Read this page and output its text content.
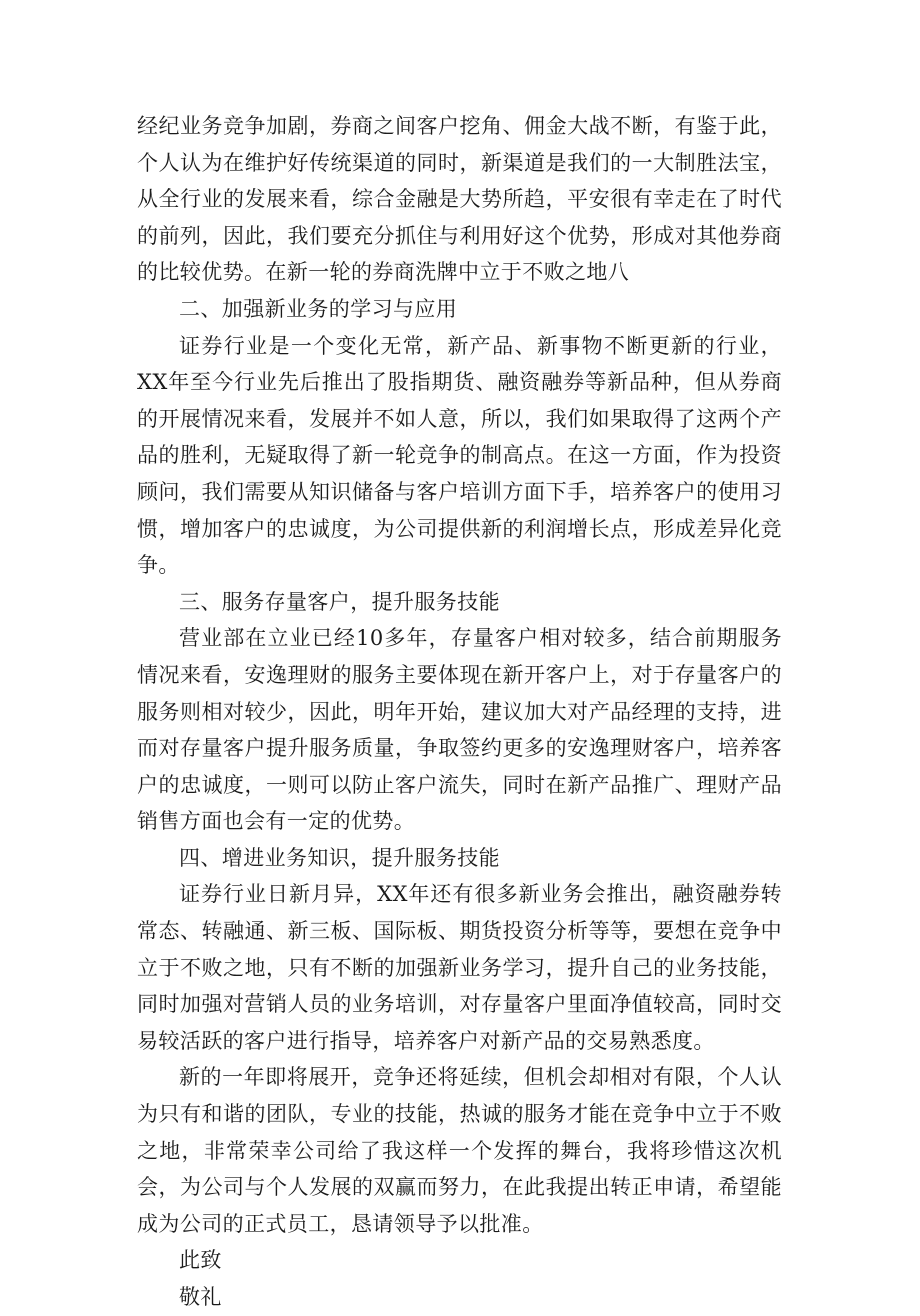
经纪业务竞争加剧，券商之间客户挖角、佣金大战不断，有鉴于此，个人认为在维护好传统渠道的同时，新渠道是我们的一大制胜法宝，从全行业的发展来看，综合金融是大势所趋，平安很有幸走在了时代的前列，因此，我们要充分抓住与利用好这个优势，形成对其他券商的比较优势。在新一轮的券商洗牌中立于不败之地八

二、加强新业务的学习与应用

证券行业是一个变化无常，新产品、新事物不断更新的行业，XX年至今行业先后推出了股指期货、融资融券等新品种，但从券商的开展情况来看，发展并不如人意，所以，我们如果取得了这两个产品的胜利，无疑取得了新一轮竞争的制高点。在这一方面，作为投资顾问，我们需要从知识储备与客户培训方面下手，培养客户的使用习惯，增加客户的忠诚度，为公司提供新的利润增长点，形成差异化竞争。

三、服务存量客户，提升服务技能

营业部在立业已经10多年，存量客户相对较多，结合前期服务情况来看，安逸理财的服务主要体现在新开客户上，对于存量客户的服务则相对较少，因此，明年开始，建议加大对产品经理的支持，进而对存量客户提升服务质量，争取签约更多的安逸理财客户，培养客户的忠诚度，一则可以防止客户流失，同时在新产品推广、理财产品销售方面也会有一定的优势。

四、增进业务知识，提升服务技能

证券行业日新月异，XX年还有很多新业务会推出，融资融券转常态、转融通、新三板、国际板、期货投资分析等等，要想在竞争中立于不败之地，只有不断的加强新业务学习，提升自己的业务技能，同时加强对营销人员的业务培训，对存量客户里面净值较高，同时交易较活跃的客户进行指导，培养客户对新产品的交易熟悉度。

新的一年即将展开，竞争还将延续，但机会却相对有限，个人认为只有和谐的团队，专业的技能，热诚的服务才能在竞争中立于不败之地，非常荣幸公司给了我这样一个发挥的舞台，我将珍惜这次机会，为公司与个人发展的双赢而努力，在此我提出转正申请，希望能成为公司的正式员工，恳请领导予以批准。

此致

敬礼
